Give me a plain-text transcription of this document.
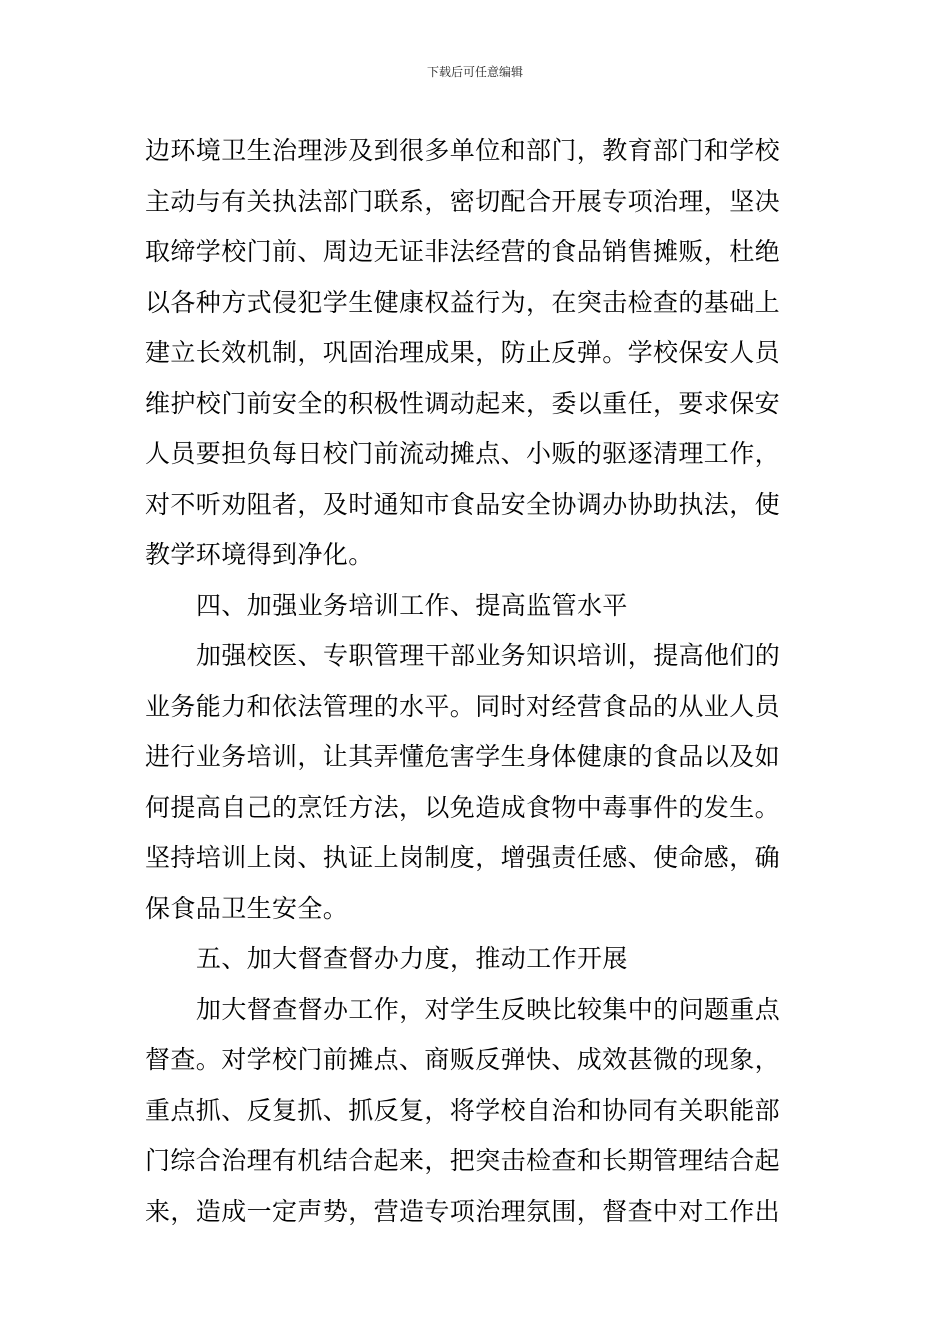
下载后可任意编辑
边环境卫生治理涉及到很多单位和部门，教育部门和学校
主动与有关执法部门联系，密切配合开展专项治理，坚决
取缔学校门前、周边无证非法经营的食品销售摊贩，杜绝
以各种方式侵犯学生健康权益行为，在突击检查的基础上
建立长效机制，巩固治理成果，防止反弹。学校保安人员
维护校门前安全的积极性调动起来，委以重任，要求保安
人员要担负每日校门前流动摊点、小贩的驱逐清理工作，
对不听劝阻者，及时通知市食品安全协调办协助执法，使
教学环境得到净化。
四、加强业务培训工作、提高监管水平
加强校医、专职管理干部业务知识培训，提高他们的
业务能力和依法管理的水平。同时对经营食品的从业人员
进行业务培训，让其弄懂危害学生身体健康的食品以及如
何提高自己的烹饪方法，以免造成食物中毒事件的发生。
坚持培训上岗、执证上岗制度，增强责任感、使命感，确
保食品卫生安全。
五、加大督查督办力度，推动工作开展
加大督查督办工作，对学生反映比较集中的问题重点
督查。对学校门前摊点、商贩反弹快、成效甚微的现象，
重点抓、反复抓、抓反复，将学校自治和协同有关职能部
门综合治理有机结合起来，把突击检查和长期管理结合起
来，造成一定声势，营造专项治理氛围，督查中对工作出
